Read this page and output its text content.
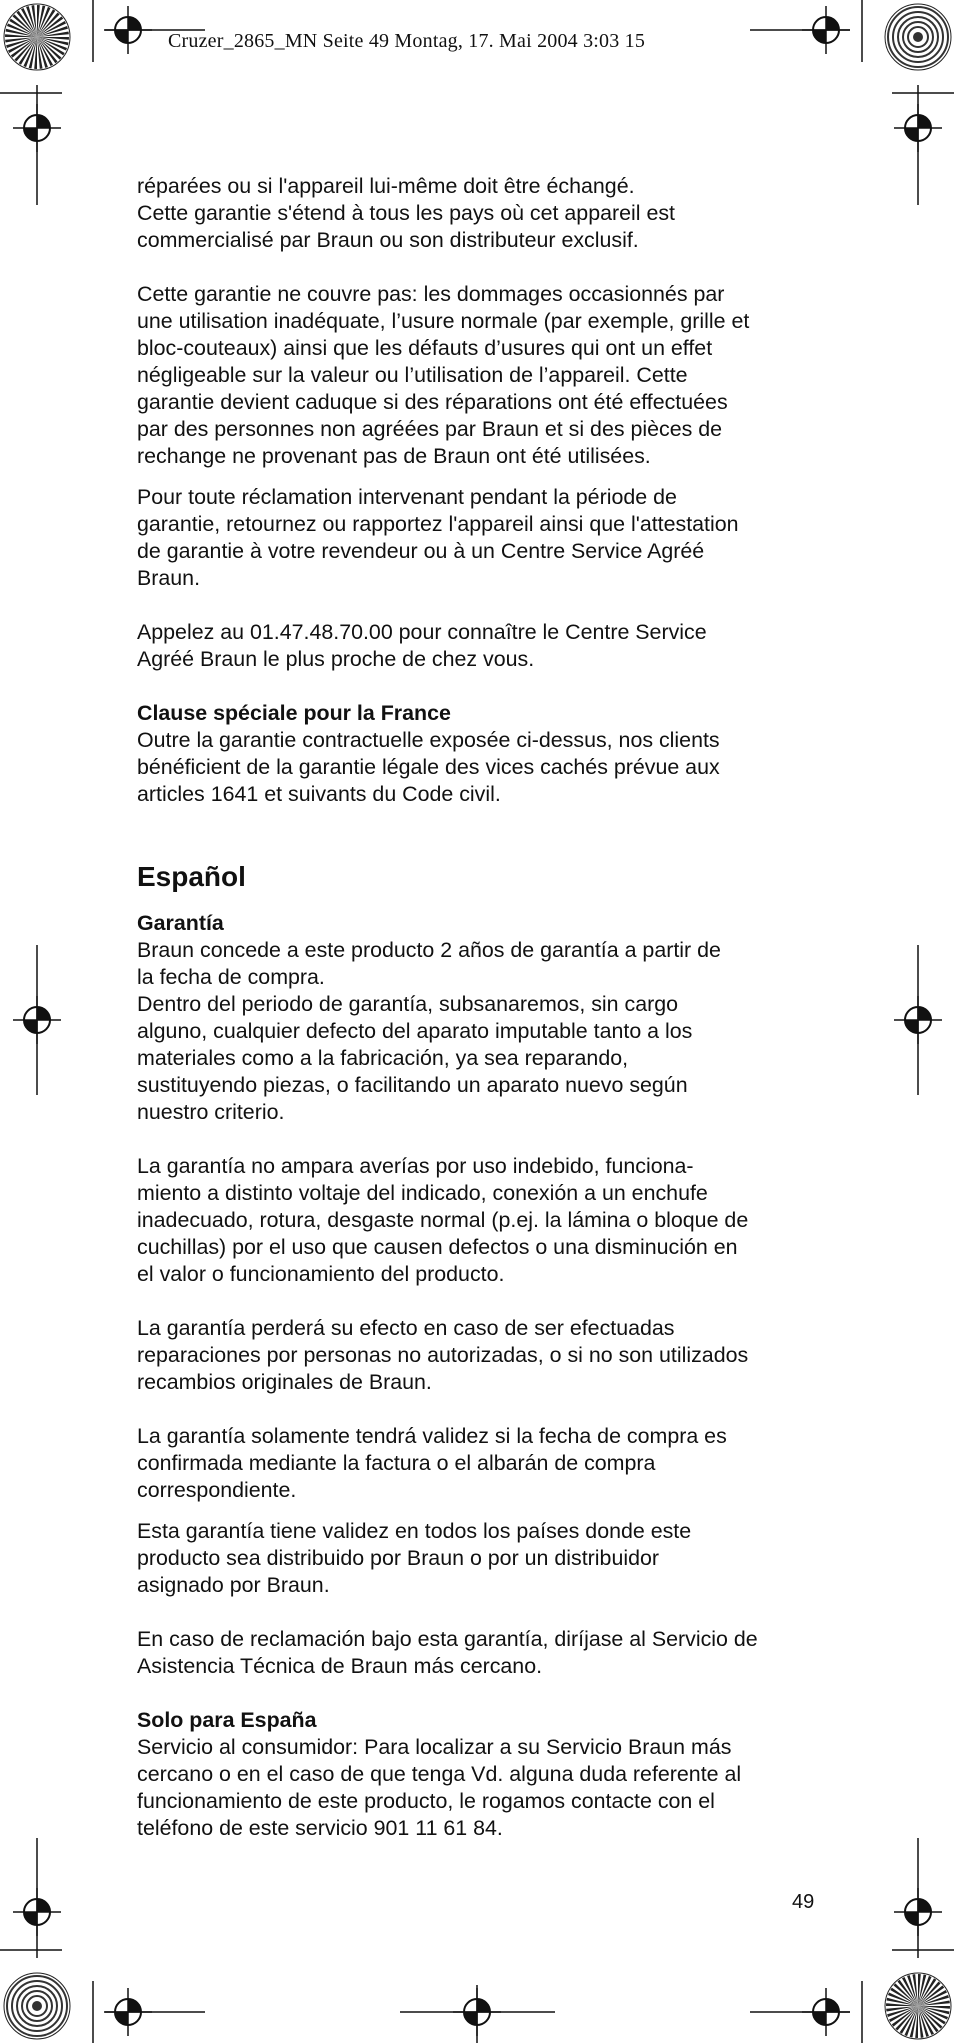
Cruzer_2865_MN Seite 49 Montag, 17. Mai 2004 3:03 15

réparées ou si l'appareil lui-même doit être échangé.
Cette garantie s'étend à tous les pays où cet appareil est
commercialisé par Braun ou son distributeur exclusif.

Cette garantie ne couvre pas: les dommages occasionnés par
une utilisation inadéquate, l’usure normale (par exemple, grille et
bloc-couteaux) ainsi que les défauts d’usures qui ont un effet
négligeable sur la valeur ou l’utilisation de l’appareil. Cette
garantie devient caduque si des réparations ont été effectuées
par des personnes non agréées par Braun et si des pièces de
rechange ne provenant pas de Braun ont été utilisées.

Pour toute réclamation intervenant pendant la période de
garantie, retournez ou rapportez l'appareil ainsi que l'attestation
de garantie à votre revendeur ou à un Centre Service Agréé
Braun.

Appelez au 01.47.48.70.00 pour connaître le Centre Service
Agréé Braun le plus proche de chez vous.

Clause spéciale pour la France

Outre la garantie contractuelle exposée ci-dessus, nos clients
bénéficient de la garantie légale des vices cachés prévue aux
articles 1641 et suivants du Code civil.

Español

Garantía

Braun concede a este producto 2 años de garantía a partir de
la fecha de compra.
Dentro del periodo de garantía, subsanaremos, sin cargo
alguno, cualquier defecto del aparato imputable tanto a los
materiales como a la fabricación, ya sea reparando,
sustituyendo piezas, o facilitando un aparato nuevo según
nuestro criterio.

La garantía no ampara averías por uso indebido, funciona-
miento a distinto voltaje del indicado, conexión a un enchufe
inadecuado, rotura, desgaste normal (p.ej. la lámina o bloque de
cuchillas) por el uso que causen defectos o una disminución en
el valor o funcionamiento del producto.

La garantía perderá su efecto en caso de ser efectuadas
reparaciones por personas no autorizadas, o si no son utilizados
recambios originales de Braun.

La garantía solamente tendrá validez si la fecha de compra es
confirmada mediante la factura o el albarán de compra
correspondiente.

Esta garantía tiene validez en todos los países donde este
producto sea distribuido por Braun o por un distribuidor
asignado por Braun.

En caso de reclamación bajo esta garantía, diríjase al Servicio de
Asistencia Técnica de Braun más cercano.

Solo para España

Servicio al consumidor: Para localizar a su Servicio Braun más
cercano o en el caso de que tenga Vd. alguna duda referente al
funcionamiento de este producto, le rogamos contacte con el
teléfono de este servicio 901 11 61 84.

49
